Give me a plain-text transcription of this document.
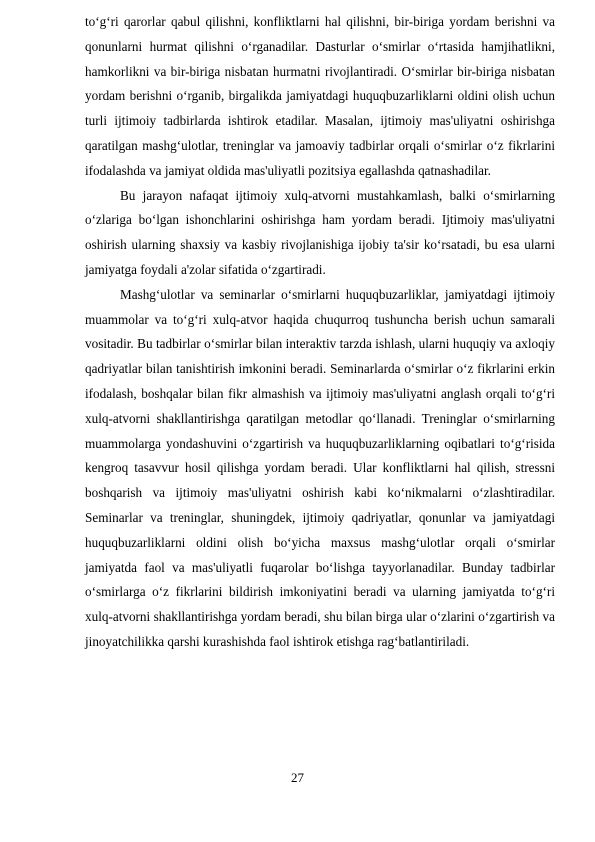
to‘g‘ri qarorlar qabul qilishni, konfliktlarni hal qilishni, bir-biriga yordam berishni va qonunlarni hurmat qilishni o‘rganadilar. Dasturlar o‘smirlar o‘rtasida hamjihatlikni, hamkorlikni va bir-biriga nisbatan hurmatni rivojlantiradi. O‘smirlar bir-biriga nisbatan yordam berishni o‘rganib, birgalikda jamiyatdagi huquqbuzarliklarni oldini olish uchun turli ijtimoiy tadbirlarda ishtirok etadilar. Masalan, ijtimoiy mas'uliyatni oshirishga qaratilgan mashg‘ulotlar, treninglar va jamoaviy tadbirlar orqali o‘smirlar o‘z fikrlarini ifodalashda va jamiyat oldida mas'uliyatli pozitsiya egallashda qatnashadilar.

Bu jarayon nafaqat ijtimoiy xulq-atvorni mustahkamlash, balki o‘smirlarning o‘zlariga bo‘lgan ishonchlarini oshirishga ham yordam beradi. Ijtimoiy mas'uliyatni oshirish ularning shaxsiy va kasbiy rivojlanishiga ijobiy ta'sir ko‘rsatadi, bu esa ularni jamiyatga foydali a'zolar sifatida o‘zgartiradi.

Mashg‘ulotlar va seminarlar o‘smirlarni huquqbuzarliklar, jamiyatdagi ijtimoiy muammolar va to‘g‘ri xulq-atvor haqida chuqurroq tushuncha berish uchun samarali vositadir. Bu tadbirlar o‘smirlar bilan interaktiv tarzda ishlash, ularni huquqiy va axloqiy qadriyatlar bilan tanishtirish imkonini beradi. Seminarlarda o‘smirlar o‘z fikrlarini erkin ifodalash, boshqalar bilan fikr almashish va ijtimoiy mas'uliyatni anglash orqali to‘g‘ri xulq-atvorni shakllantirishga qaratilgan metodlar qo‘llanadi. Treninglar o‘smirlarning muammolarga yondashuvini o‘zgartirish va huquqbuzarliklarning oqibatlari to‘g‘risida kengroq tasavvur hosil qilishga yordam beradi. Ular konfliktlarni hal qilish, stressni boshqarish va ijtimoiy mas'uliyatni oshirish kabi ko‘nikmalarni o‘zlashtiradilar. Seminarlar va treninglar, shuningdek, ijtimoiy qadriyatlar, qonunlar va jamiyatdagi huquqbuzarliklarni oldini olish bo‘yicha maxsus mashg‘ulotlar orqali o‘smirlar jamiyatda faol va mas'uliyatli fuqarolar bo‘lishga tayyorlanadilar. Bunday tadbirlar o‘smirlarga o‘z fikrlarini bildirish imkoniyatini beradi va ularning jamiyatda to‘g‘ri xulq-atvorni shakllantirishga yordam beradi, shu bilan birga ular o‘zlarini o‘zgartirish va jinoyatchilikka qarshi kurashishda faol ishtirok etishga rag‘batlantiriladi.

27
